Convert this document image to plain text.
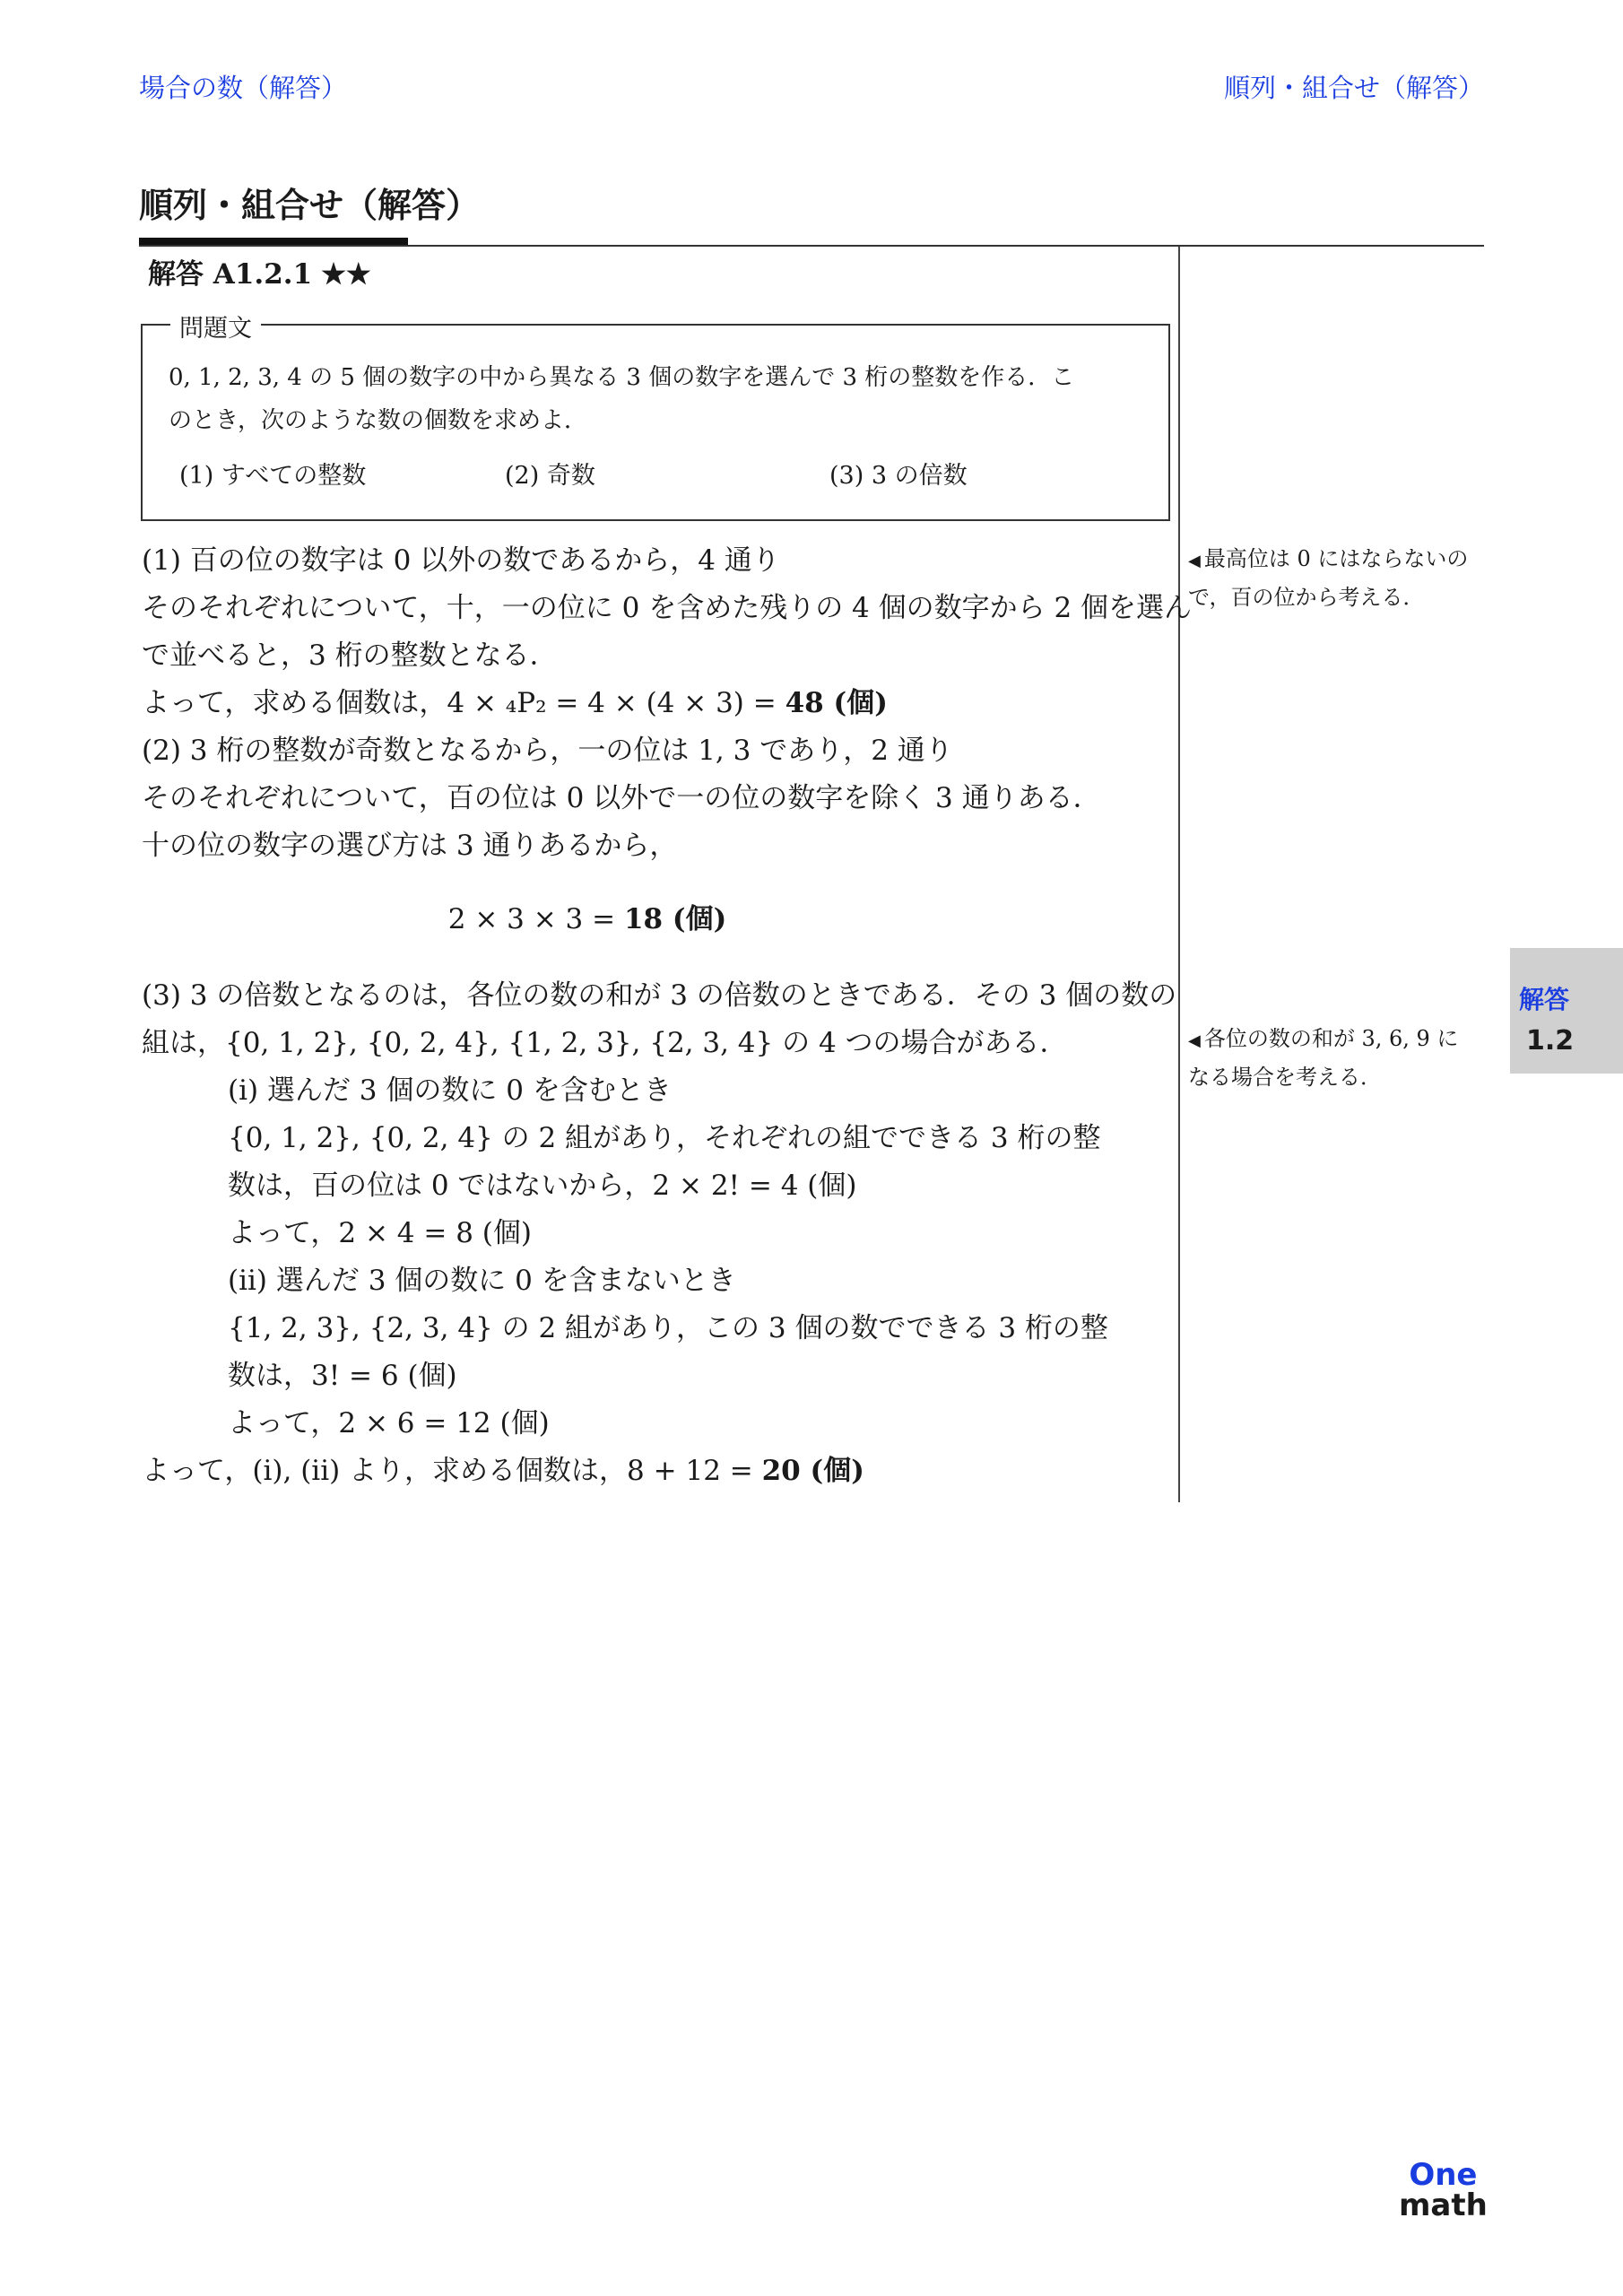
場合の数（解答）	順列・組合せ（解答）
順列・組合せ（解答）
解答 A1.2.1 ★★
問題文
0, 1, 2, 3, 4 の 5 個の数字の中から異なる 3 個の数字を選んで 3 桁の整数を作る．こ
のとき，次のような数の個数を求めよ．
(1) すべての整数	(2) 奇数	(3) 3 の倍数
(1) 百の位の数字は 0 以外の数であるから，4 通り
そのそれぞれについて，十，一の位に 0 を含めた残りの 4 個の数字から 2 個を選ん
で並べると，3 桁の整数となる．
よって，求める個数は，4 × ₄P₂ = 4 × (4 × 3) = 48 (個)
(2) 3 桁の整数が奇数となるから，一の位は 1, 3 であり，2 通り
そのそれぞれについて，百の位は 0 以外で一の位の数字を除く 3 通りある．
十の位の数字の選び方は 3 通りあるから，
2 × 3 × 3 = 18 (個)
(3) 3 の倍数となるのは，各位の数の和が 3 の倍数のときである．その 3 個の数の
組は，{0, 1, 2}, {0, 2, 4}, {1, 2, 3}, {2, 3, 4} の 4 つの場合がある．
(i) 選んだ 3 個の数に 0 を含むとき
{0, 1, 2}, {0, 2, 4} の 2 組があり，それぞれの組でできる 3 桁の整
数は，百の位は 0 ではないから，2 × 2! = 4 (個)
よって，2 × 4 = 8 (個)
(ii) 選んだ 3 個の数に 0 を含まないとき
{1, 2, 3}, {2, 3, 4} の 2 組があり，この 3 個の数でできる 3 桁の整
数は，3! = 6 (個)
よって，2 × 6 = 12 (個)
よって，(i), (ii) より，求める個数は，8 + 12 = 20 (個)
◀ 最高位は 0 にはならないの
で，百の位から考える．
◀ 各位の数の和が 3, 6, 9 に
なる場合を考える．
解答
1.2
One
math
